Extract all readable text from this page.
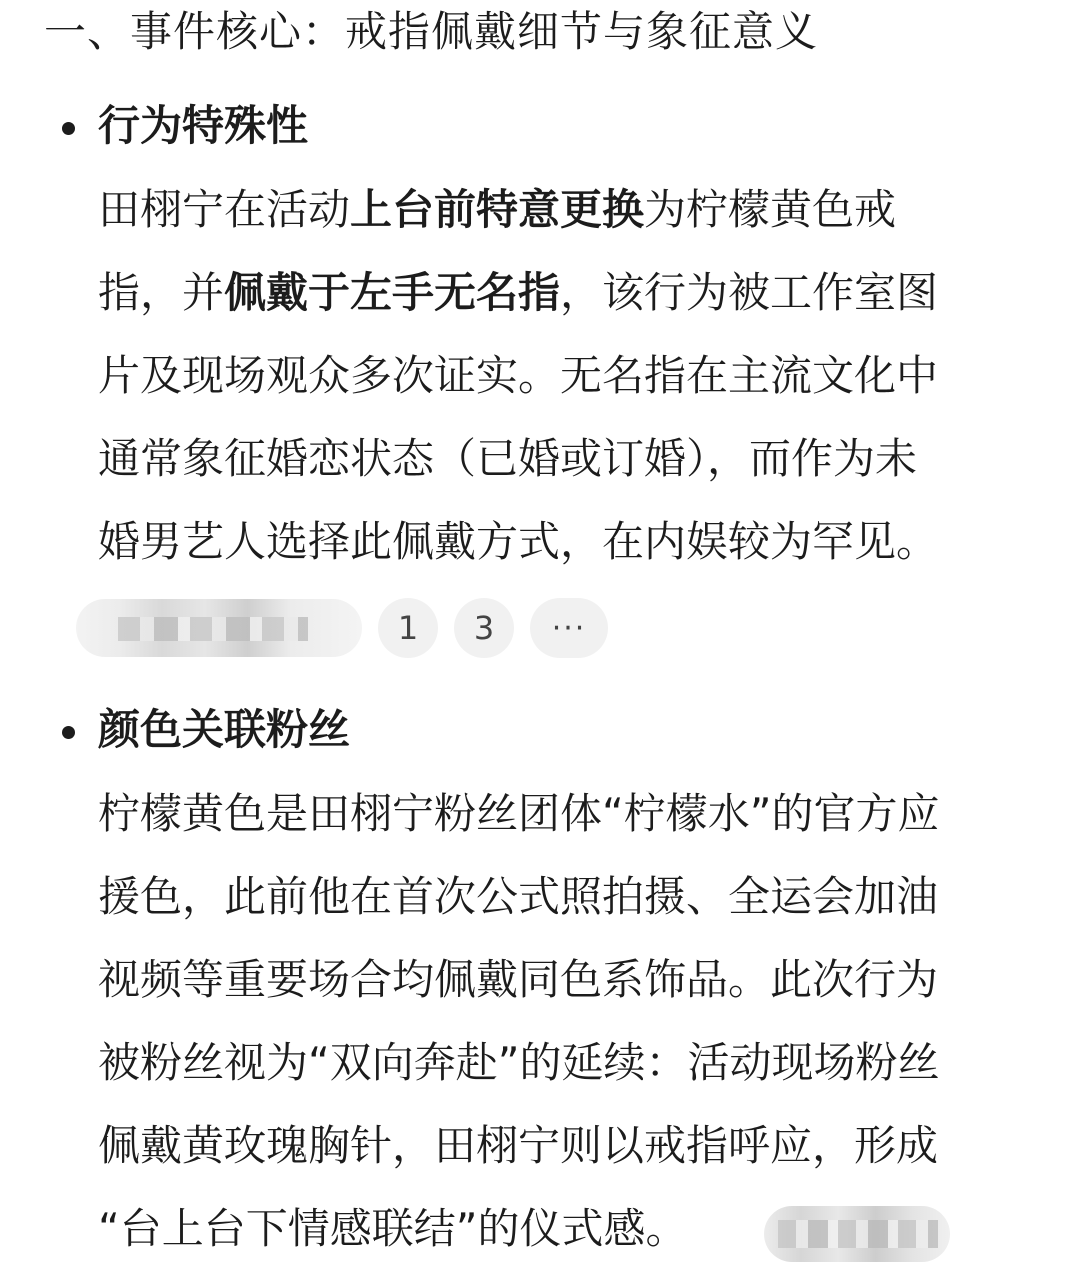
一、事件核心：戒指佩戴细节与象征意义
行为特殊性
田栩宁在活动上台前特意更换为柠檬黄色戒
指，并佩戴于左手无名指，该行为被工作室图
片及现场观众多次证实。无名指在主流文化中
通常象征婚恋状态（已婚或订婚），而作为未
婚男艺人选择此佩戴方式，在内娱较为罕见。
1	3	···
颜色关联粉丝
柠檬黄色是田栩宁粉丝团体“柠檬水”的官方应
援色，此前他在首次公式照拍摄、全运会加油
视频等重要场合均佩戴同色系饰品。此次行为
被粉丝视为“双向奔赴”的延续：活动现场粉丝
佩戴黄玫瑰胸针，田栩宁则以戒指呼应，形成
“台上台下情感联结”的仪式感。
